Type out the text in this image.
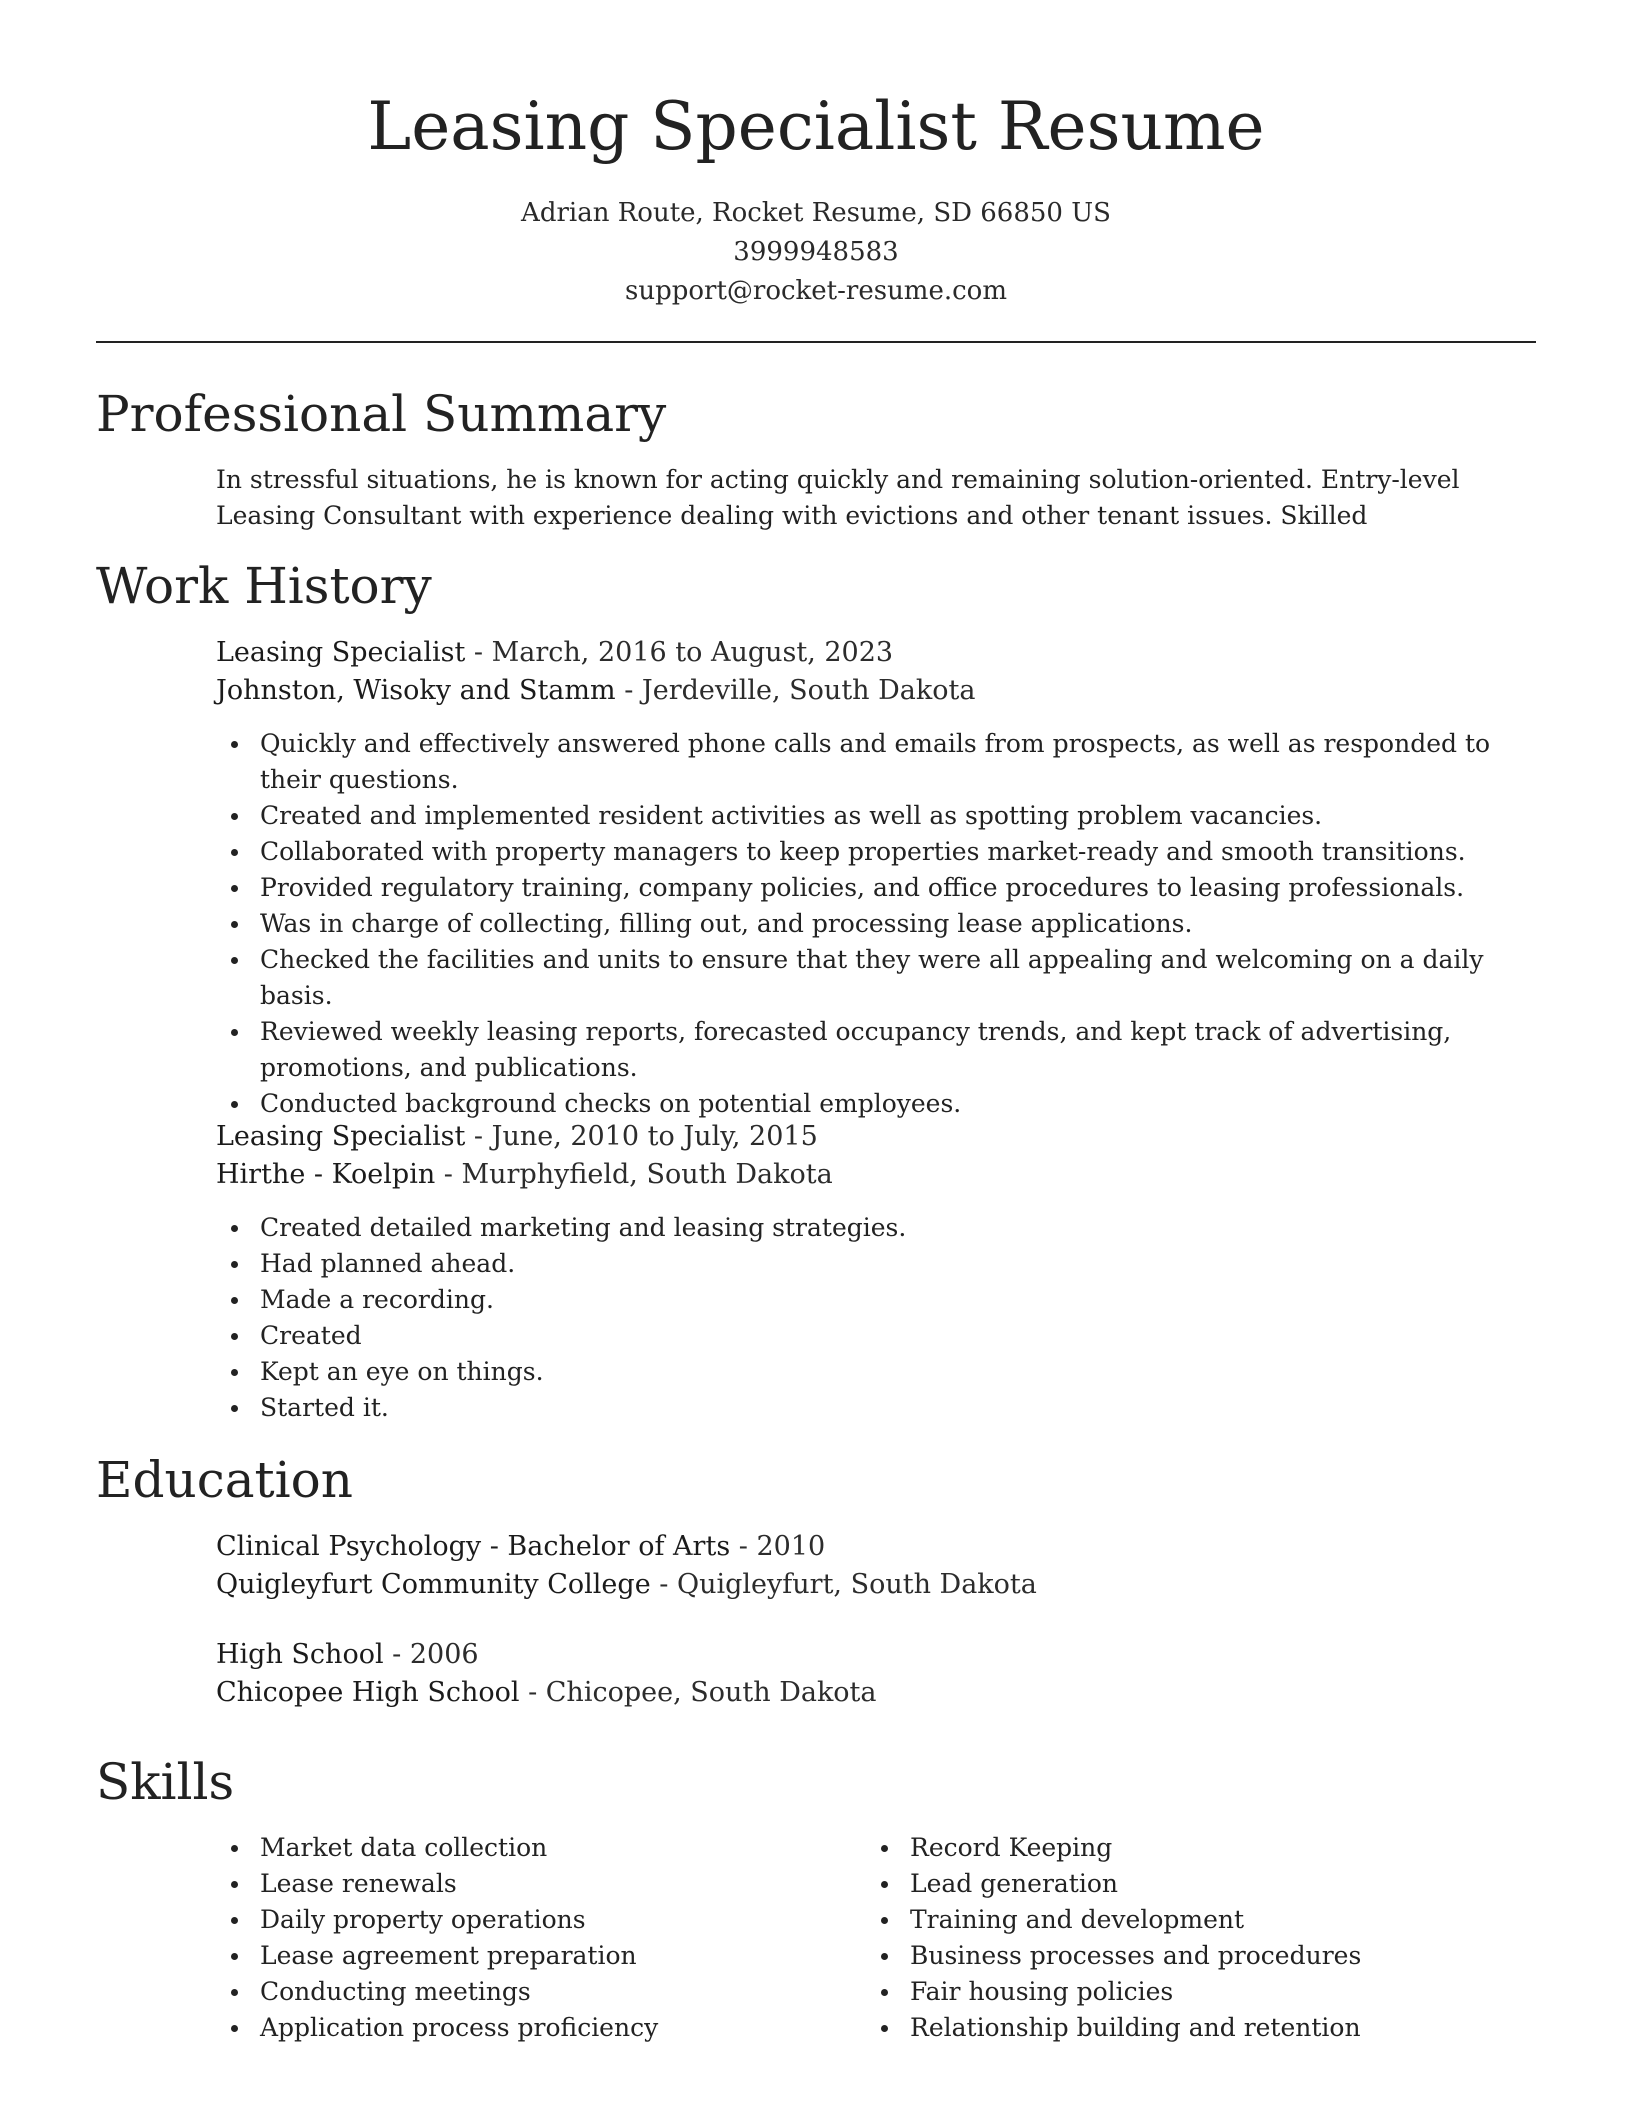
Leasing Specialist Resume
Adrian Route, Rocket Resume, SD 66850 US
3999948583
support@rocket-resume.com
Professional Summary
In stressful situations, he is known for acting quickly and remaining solution-oriented. Entry-level Leasing Consultant with experience dealing with evictions and other tenant issues. Skilled
Work History
Leasing Specialist - March, 2016 to August, 2023
Johnston, Wisoky and Stamm - Jerdeville, South Dakota
Quickly and effectively answered phone calls and emails from prospects, as well as responded to their questions.
Created and implemented resident activities as well as spotting problem vacancies.
Collaborated with property managers to keep properties market-ready and smooth transitions.
Provided regulatory training, company policies, and office procedures to leasing professionals.
Was in charge of collecting, filling out, and processing lease applications.
Checked the facilities and units to ensure that they were all appealing and welcoming on a daily basis.
Reviewed weekly leasing reports, forecasted occupancy trends, and kept track of advertising, promotions, and publications.
Conducted background checks on potential employees.
Leasing Specialist - June, 2010 to July, 2015
Hirthe - Koelpin - Murphyfield, South Dakota
Created detailed marketing and leasing strategies.
Had planned ahead.
Made a recording.
Created
Kept an eye on things.
Started it.
Education
Clinical Psychology - Bachelor of Arts - 2010
Quigleyfurt Community College - Quigleyfurt, South Dakota
High School - 2006
Chicopee High School - Chicopee, South Dakota
Skills
Market data collection
Lease renewals
Daily property operations
Lease agreement preparation
Conducting meetings
Application process proficiency
Record Keeping
Lead generation
Training and development
Business processes and procedures
Fair housing policies
Relationship building and retention
